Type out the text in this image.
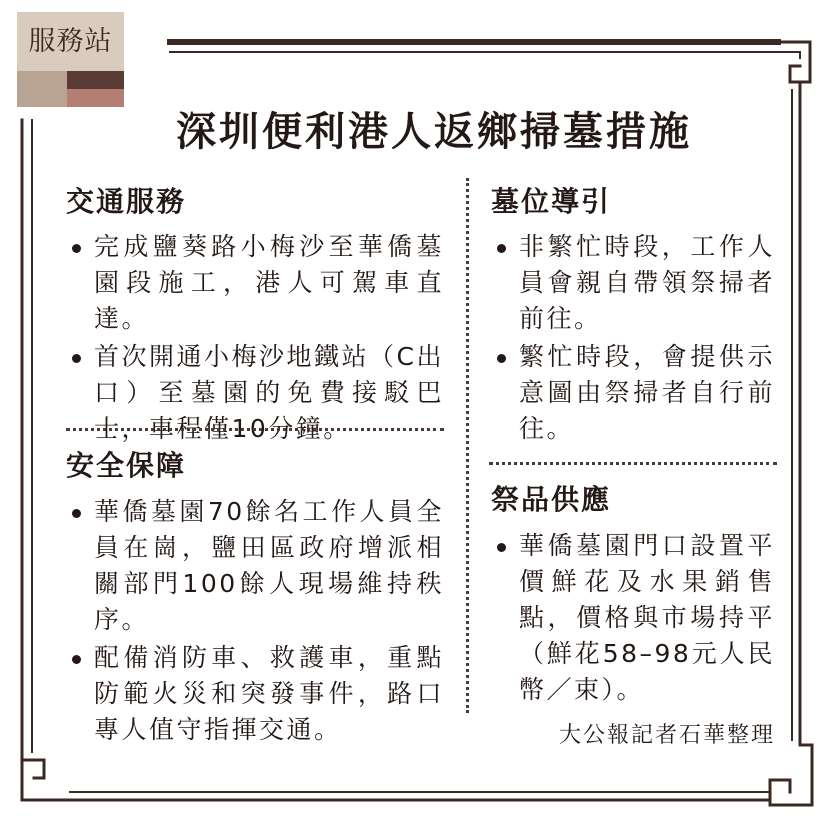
服務站
深圳便利港人返鄉掃墓措施
交通服務
完成鹽葵路小梅沙至華僑墓園段施工，港人可駕車直達。
首次開通小梅沙地鐵站（C出口）至墓園的免費接駁巴士，車程僅10分鐘。
安全保障
華僑墓園70餘名工作人員全員在崗，鹽田區政府增派相關部門100餘人現場維持秩序。
配備消防車、救護車，重點防範火災和突發事件，路口專人值守指揮交通。
墓位導引
非繁忙時段，工作人員會親自帶領祭掃者前往。
繁忙時段，會提供示意圖由祭掃者自行前往。
祭品供應
華僑墓園門口設置平價鮮花及水果銷售點，價格與市場持平（鮮花58–98元人民幣／束）。
大公報記者石華整理
